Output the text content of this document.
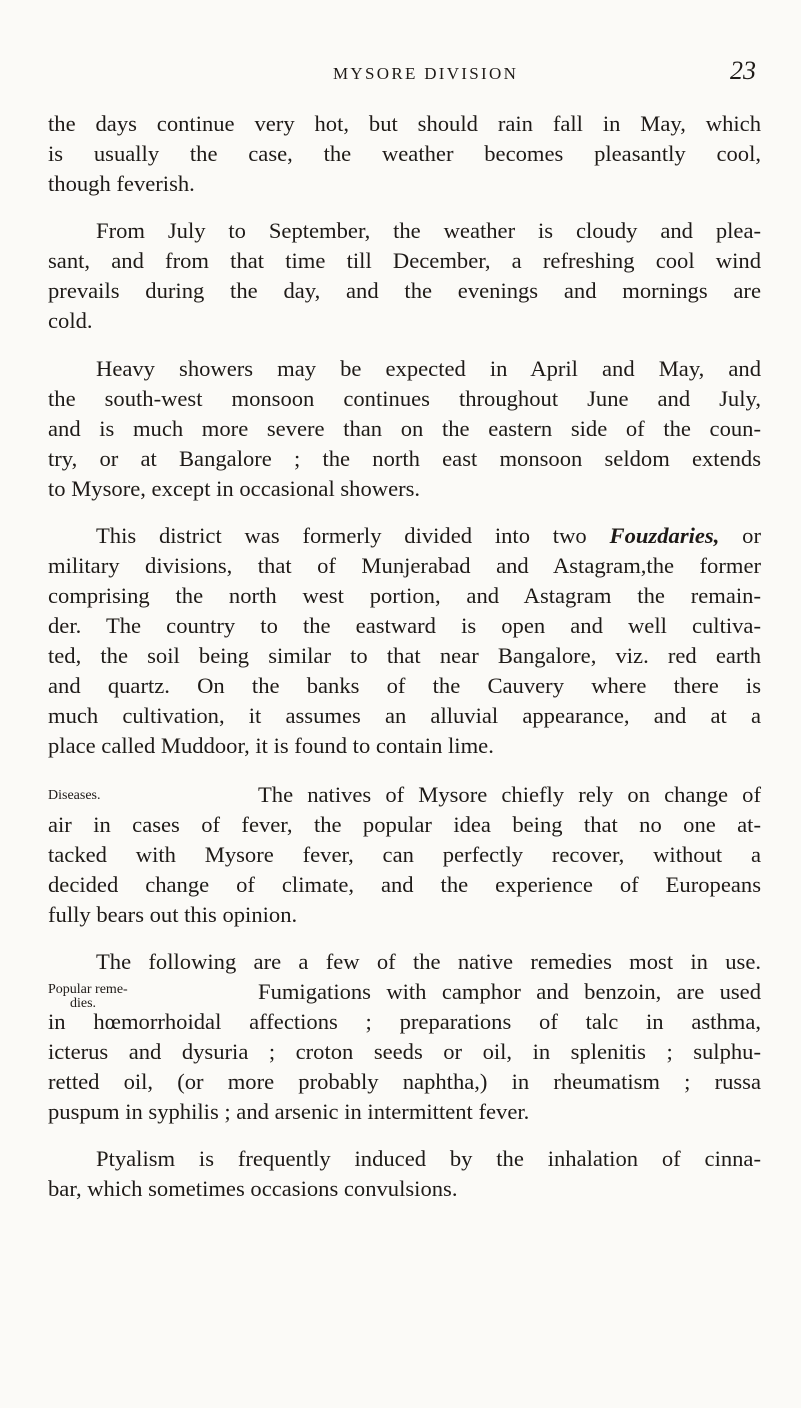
MYSORE DIVISION	23
the days continue very hot, but should rain fall in May, which
is usually the case, the weather becomes pleasantly cool,
though feverish.
From July to September, the weather is cloudy and plea-
sant, and from that time till December, a refreshing cool wind
prevails during the day, and the evenings and mornings are
cold.
Heavy showers may be expected in April and May, and
the south-west monsoon continues throughout June and July,
and is much more severe than on the eastern side of the coun-
try, or at Bangalore ; the north east monsoon seldom extends
to Mysore, except in occasional showers.
This district was formerly divided into two Fouzdaries, or
military divisions, that of Munjerabad and Astagram,the former
comprising the north west portion, and Astagram the remain-
der. The country to the eastward is open and well cultiva-
ted, the soil being similar to that near Bangalore, viz. red earth
and quartz. On the banks of the Cauvery where there is
much cultivation, it assumes an alluvial appearance, and at a
place called Muddoor, it is found to contain lime.
Diseases.	The natives of Mysore chiefly rely on change of
air in cases of fever, the popular idea being that no one at-
tacked with Mysore fever, can perfectly recover, without a
decided change of climate, and the experience of Europeans
fully bears out this opinion.
The following are a few of the native remedies most in use.
Popular reme-
dies.	Fumigations with camphor and benzoin, are used
in hœmorrhoidal affections ; preparations of talc in asthma,
icterus and dysuria ; croton seeds or oil, in splenitis ; sulphu-
retted oil, (or more probably naphtha,) in rheumatism ; russa
puspum in syphilis ; and arsenic in intermittent fever.
Ptyalism is frequently induced by the inhalation of cinna-
bar, which sometimes occasions convulsions.
